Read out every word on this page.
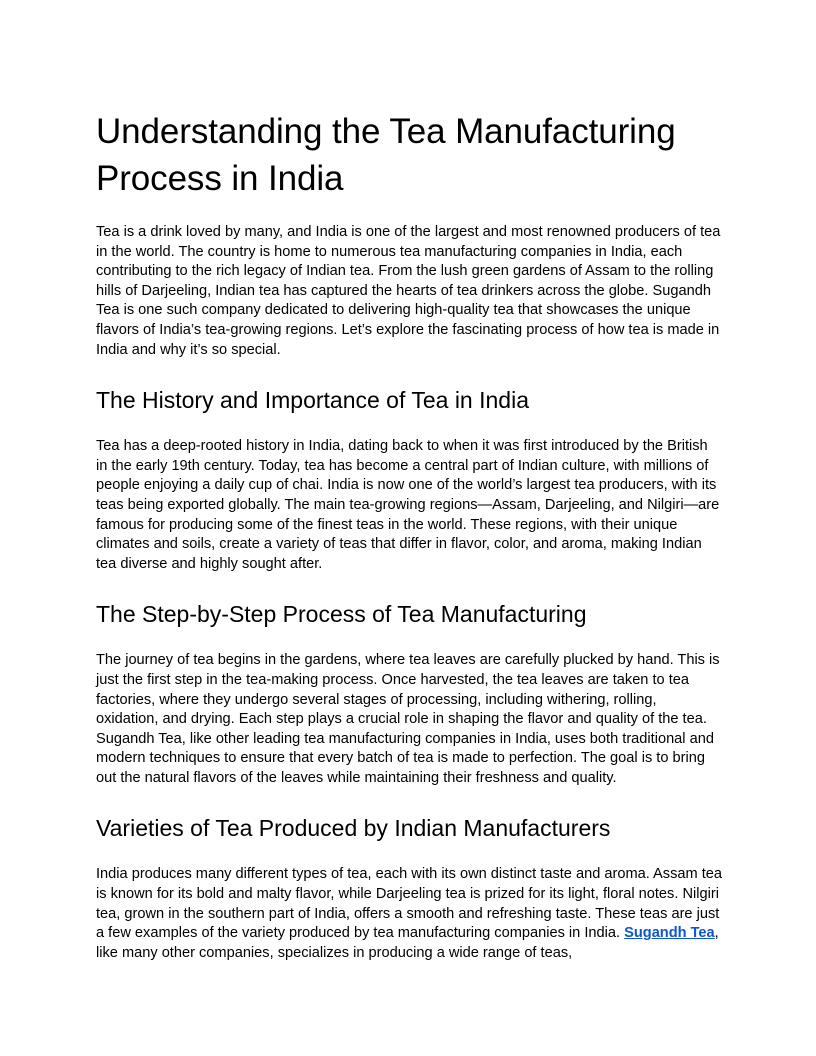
Understanding the Tea Manufacturing Process in India

Tea is a drink loved by many, and India is one of the largest and most renowned producers of tea in the world. The country is home to numerous tea manufacturing companies in India, each contributing to the rich legacy of Indian tea. From the lush green gardens of Assam to the rolling hills of Darjeeling, Indian tea has captured the hearts of tea drinkers across the globe. Sugandh Tea is one such company dedicated to delivering high-quality tea that showcases the unique flavors of India’s tea-growing regions. Let’s explore the fascinating process of how tea is made in India and why it’s so special.

The History and Importance of Tea in India

Tea has a deep-rooted history in India, dating back to when it was first introduced by the British in the early 19th century. Today, tea has become a central part of Indian culture, with millions of people enjoying a daily cup of chai. India is now one of the world’s largest tea producers, with its teas being exported globally. The main tea-growing regions—Assam, Darjeeling, and Nilgiri—are famous for producing some of the finest teas in the world. These regions, with their unique climates and soils, create a variety of teas that differ in flavor, color, and aroma, making Indian tea diverse and highly sought after.

The Step-by-Step Process of Tea Manufacturing

The journey of tea begins in the gardens, where tea leaves are carefully plucked by hand. This is just the first step in the tea-making process. Once harvested, the tea leaves are taken to tea factories, where they undergo several stages of processing, including withering, rolling, oxidation, and drying. Each step plays a crucial role in shaping the flavor and quality of the tea. Sugandh Tea, like other leading tea manufacturing companies in India, uses both traditional and modern techniques to ensure that every batch of tea is made to perfection. The goal is to bring out the natural flavors of the leaves while maintaining their freshness and quality.

Varieties of Tea Produced by Indian Manufacturers

India produces many different types of tea, each with its own distinct taste and aroma. Assam tea is known for its bold and malty flavor, while Darjeeling tea is prized for its light, floral notes. Nilgiri tea, grown in the southern part of India, offers a smooth and refreshing taste. These teas are just a few examples of the variety produced by tea manufacturing companies in India. Sugandh Tea, like many other companies, specializes in producing a wide range of teas,
